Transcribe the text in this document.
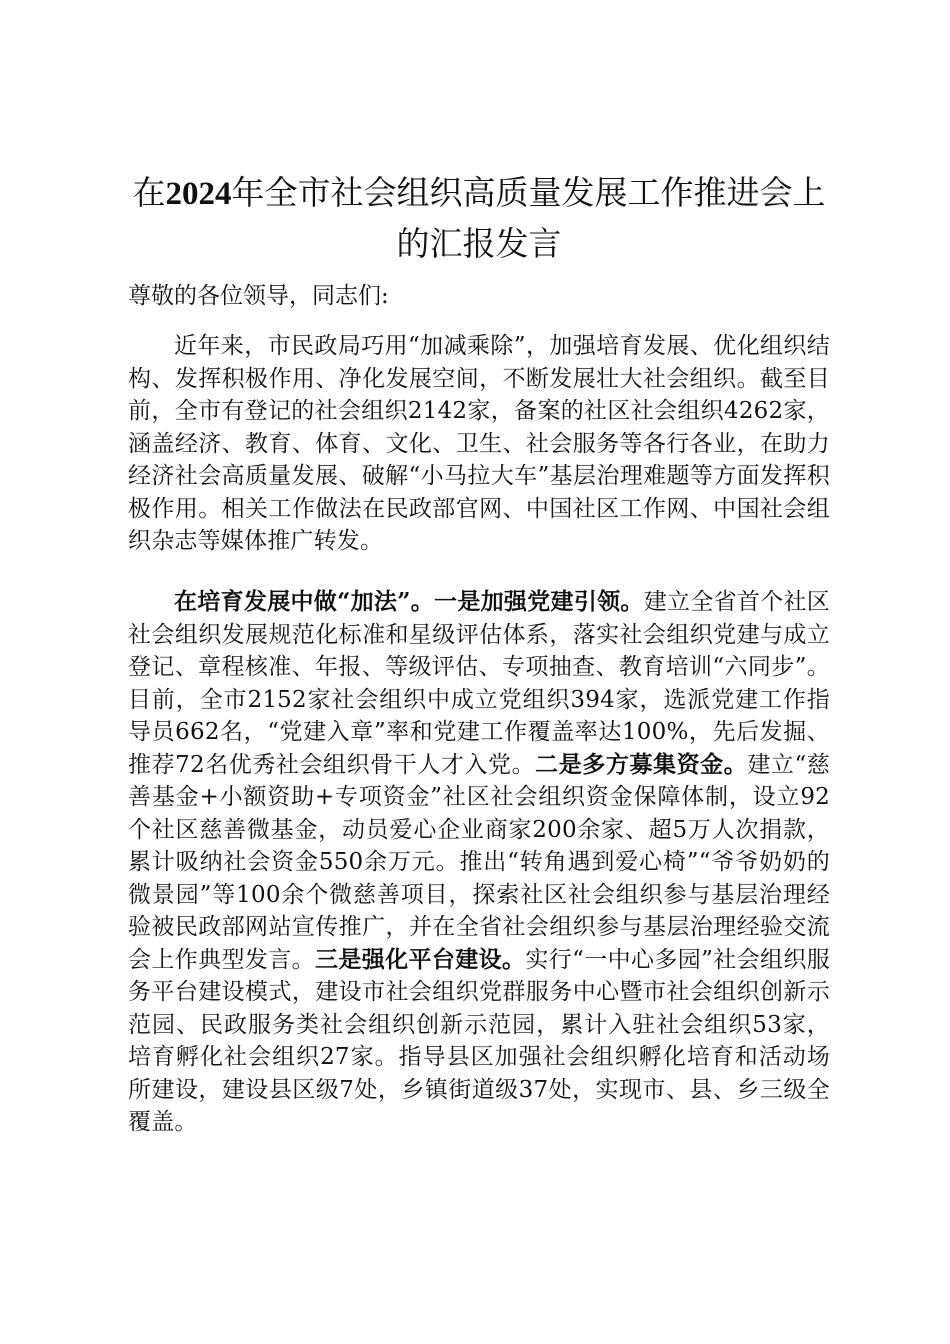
在2024年全市社会组织高质量发展工作推进会上的汇报发言

尊敬的各位领导，同志们:

近年来，市民政局巧用“加减乘除”，加强培育发展、优化组织结构、发挥积极作用、净化发展空间，不断发展壮大社会组织。截至目前，全市有登记的社会组织2142家，备案的社区社会组织4262家，涵盖经济、教育、体育、文化、卫生、社会服务等各行各业，在助力经济社会高质量发展、破解“小马拉大车”基层治理难题等方面发挥积极作用。相关工作做法在民政部官网、中国社区工作网、中国社会组织杂志等媒体推广转发。

在培育发展中做“加法”。一是加强党建引领。建立全省首个社区社会组织发展规范化标准和星级评估体系，落实社会组织党建与成立登记、章程核准、年报、等级评估、专项抽查、教育培训“六同步”。目前，全市2152家社会组织中成立党组织394家，选派党建工作指导员662名，“党建入章”率和党建工作覆盖率达100%，先后发掘、推荐72名优秀社会组织骨干人才入党。二是多方募集资金。建立“慈善基金+小额资助+专项资金”社区社会组织资金保障体制，设立92个社区慈善微基金，动员爱心企业商家200余家、超5万人次捐款，累计吸纳社会资金550余万元。推出“转角遇到爱心椅”“爷爷奶奶的微景园”等100余个微慈善项目，探索社区社会组织参与基层治理经验被民政部网站宣传推广，并在全省社会组织参与基层治理经验交流会上作典型发言。三是强化平台建设。实行“一中心多园”社会组织服务平台建设模式，建设市社会组织党群服务中心暨市社会组织创新示范园、民政服务类社会组织创新示范园，累计入驻社会组织53家，培育孵化社会组织27家。指导县区加强社会组织孵化培育和活动场所建设，建设县区级7处，乡镇街道级37处，实现市、县、乡三级全覆盖。
